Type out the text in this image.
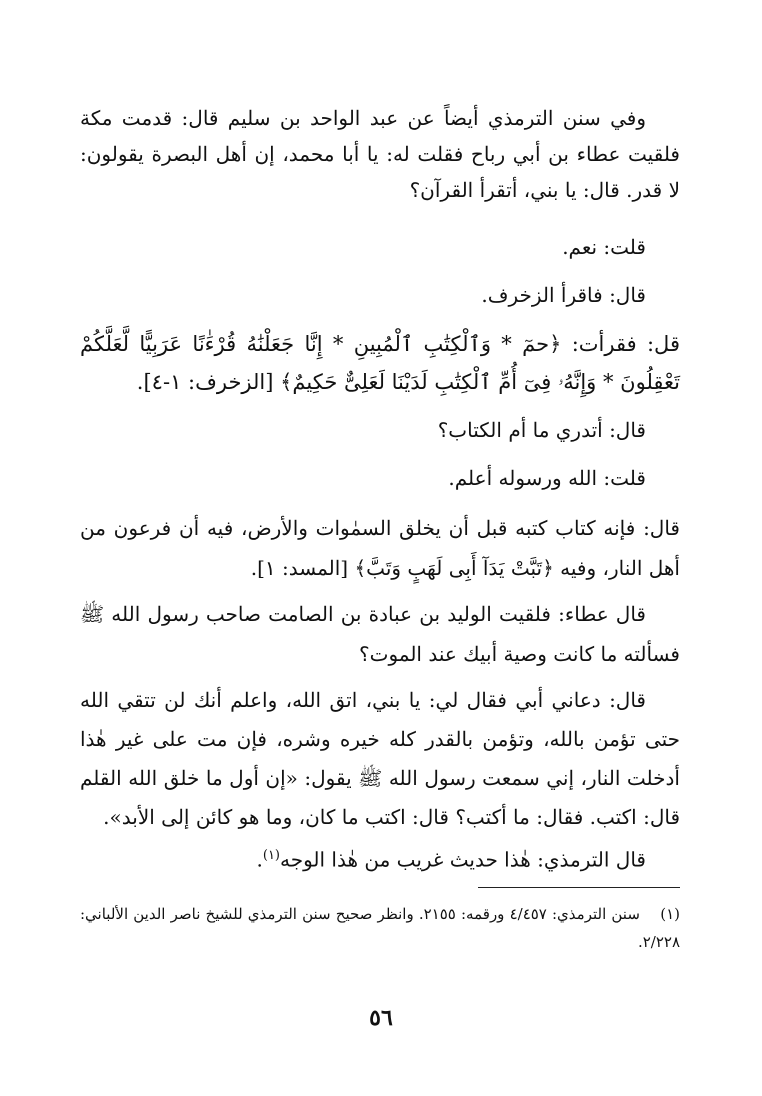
وفي سنن الترمذي أيضاً عن عبد الواحد بن سليم قال: قدمت مكة فلقيت عطاء بن أبي رباح فقلت له: يا أبا محمد، إن أهل البصرة يقولون: لا قدر. قال: يا بني، أتقرأ القرآن؟

قلت: نعم.

قال: فاقرأ الزخرف.

قل: فقرأت: ﴿حمٓ * وَٱلْكِتَٰبِ ٱلْمُبِينِ * إِنَّا جَعَلْنَٰهُ قُرْءَٰنًا عَرَبِيًّا لَّعَلَّكُمْ تَعْقِلُونَ * وَإِنَّهُۥ فِىٓ أُمِّ ٱلْكِتَٰبِ لَدَيْنَا لَعَلِىٌّ حَكِيمٌ﴾ [الزخرف: ١-٤].

قال: أتدري ما أم الكتاب؟

قلت: الله ورسوله أعلم.

قال: فإنه كتاب كتبه قبل أن يخلق السمٰوات والأرض، فيه أن فرعون من أهل النار، وفيه ﴿تَبَّتْ يَدَآ أَبِى لَهَبٍ وَتَبَّ﴾ [المسد: ١].

قال عطاء: فلقيت الوليد بن عبادة بن الصامت صاحب رسول الله ﷺ فسألته ما كانت وصية أبيك عند الموت؟

قال: دعاني أبي فقال لي: يا بني، اتق الله، واعلم أنك لن تتقي الله حتى تؤمن بالله، وتؤمن بالقدر كله خيره وشره، فإن مت على غير هٰذا أدخلت النار، إني سمعت رسول الله ﷺ يقول: «إن أول ما خلق الله القلم قال: اكتب. فقال: ما أكتب؟ قال: اكتب ما كان، وما هو كائن إلى الأبد».

قال الترمذي: هٰذا حديث غريب من هٰذا الوجه$^{(١)}$.

(١)  سنن الترمذي: ٤/٤٥٧ ورقمه: ٢١٥٥. وانظر صحيح سنن الترمذي للشيخ ناصر الدين الألباني: ٢/٢٢٨.
٥٦
